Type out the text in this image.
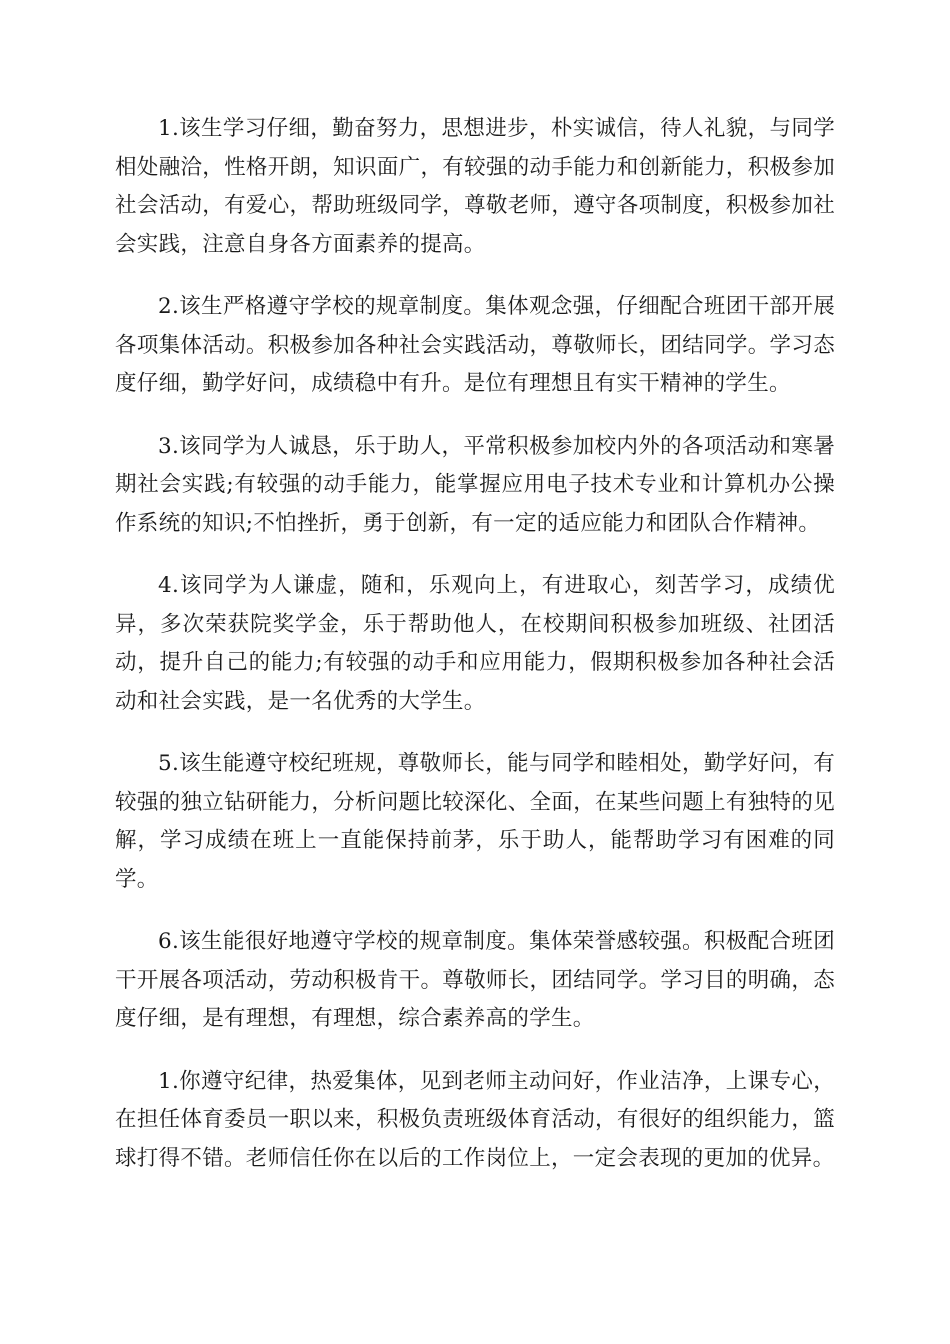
1.该生学习仔细，勤奋努力，思想进步，朴实诚信，待人礼貌，与同学相处融洽，性格开朗，知识面广，有较强的动手能力和创新能力，积极参加社会活动，有爱心，帮助班级同学，尊敬老师，遵守各项制度，积极参加社会实践，注意自身各方面素养的提高。

2.该生严格遵守学校的规章制度。集体观念强，仔细配合班团干部开展各项集体活动。积极参加各种社会实践活动，尊敬师长，团结同学。学习态度仔细，勤学好问，成绩稳中有升。是位有理想且有实干精神的学生。

3.该同学为人诚恳，乐于助人，平常积极参加校内外的各项活动和寒暑期社会实践;有较强的动手能力，能掌握应用电子技术专业和计算机办公操作系统的知识;不怕挫折，勇于创新，有一定的适应能力和团队合作精神。

4.该同学为人谦虚，随和，乐观向上，有进取心，刻苦学习，成绩优异，多次荣获院奖学金，乐于帮助他人，在校期间积极参加班级、社团活动，提升自己的能力;有较强的动手和应用能力，假期积极参加各种社会活动和社会实践，是一名优秀的大学生。

5.该生能遵守校纪班规，尊敬师长，能与同学和睦相处，勤学好问，有较强的独立钻研能力，分析问题比较深化、全面，在某些问题上有独特的见解，学习成绩在班上一直能保持前茅，乐于助人，能帮助学习有困难的同学。

6.该生能很好地遵守学校的规章制度。集体荣誉感较强。积极配合班团干开展各项活动，劳动积极肯干。尊敬师长，团结同学。学习目的明确，态度仔细，是有理想，有理想，综合素养高的学生。

1.你遵守纪律，热爱集体，见到老师主动问好，作业洁净，上课专心，在担任体育委员一职以来，积极负责班级体育活动，有很好的组织能力，篮球打得不错。老师信任你在以后的工作岗位上，一定会表现的更加的优异。
